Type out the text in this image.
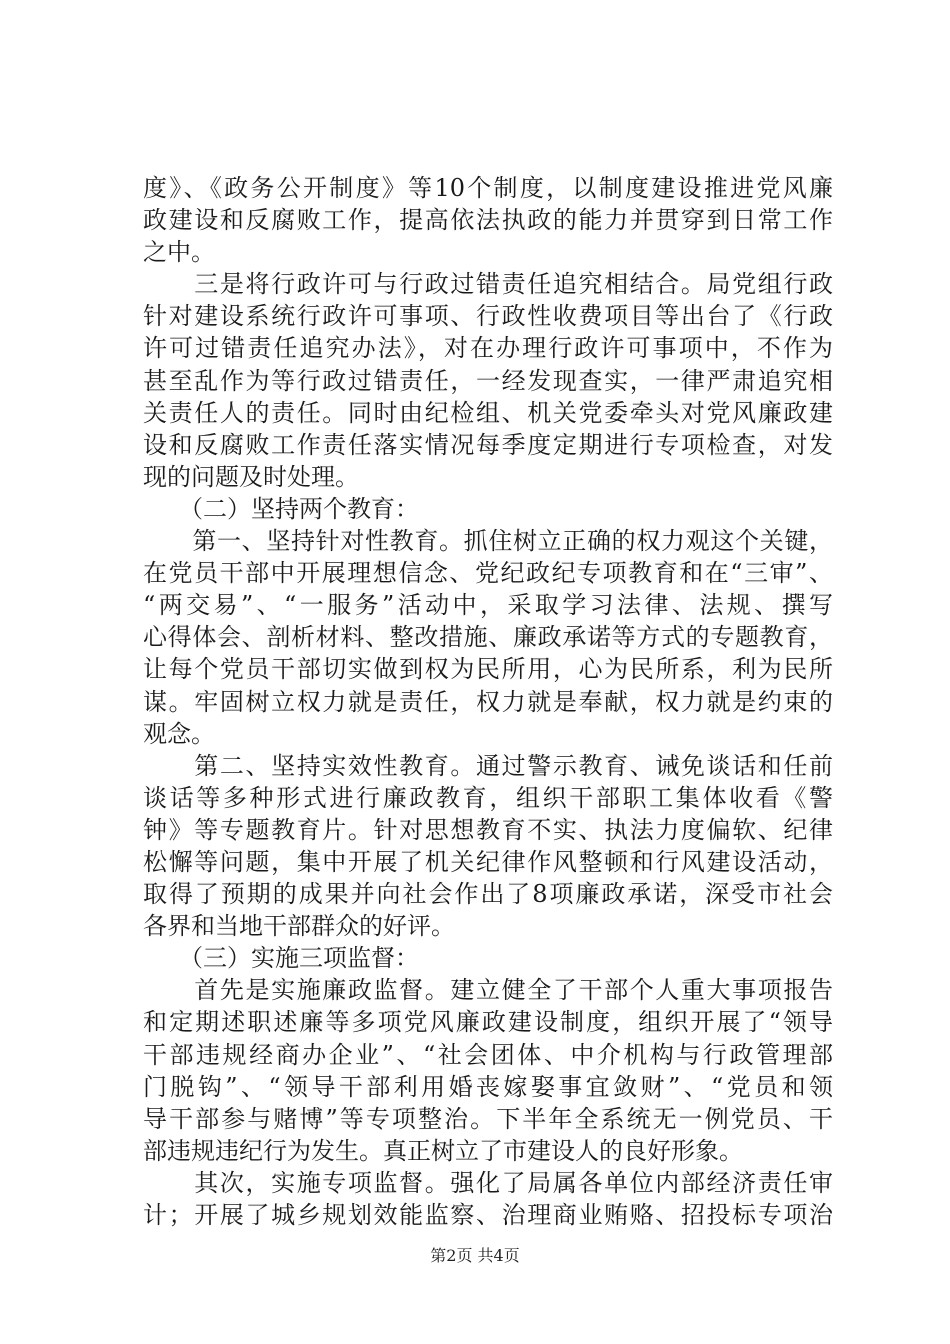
度》、《政务公开制度》等10个制度，以制度建设推进党风廉
政建设和反腐败工作，提高依法执政的能力并贯穿到日常工作
之中。
　　三是将行政许可与行政过错责任追究相结合。局党组行政
针对建设系统行政许可事项、行政性收费项目等出台了《行政
许可过错责任追究办法》，对在办理行政许可事项中，不作为
甚至乱作为等行政过错责任，一经发现查实，一律严肃追究相
关责任人的责任。同时由纪检组、机关党委牵头对党风廉政建
设和反腐败工作责任落实情况每季度定期进行专项检查，对发
现的问题及时处理。
　　（二）坚持两个教育：
　　第一、坚持针对性教育。抓住树立正确的权力观这个关键，
在党员干部中开展理想信念、党纪政纪专项教育和在“三审”、
“两交易”、“一服务”活动中，采取学习法律、法规、撰写
心得体会、剖析材料、整改措施、廉政承诺等方式的专题教育，
让每个党员干部切实做到权为民所用，心为民所系，利为民所
谋。牢固树立权力就是责任，权力就是奉献，权力就是约束的
观念。
　　第二、坚持实效性教育。通过警示教育、诫免谈话和任前
谈话等多种形式进行廉政教育，组织干部职工集体收看《警
钟》等专题教育片。针对思想教育不实、执法力度偏软、纪律
松懈等问题，集中开展了机关纪律作风整顿和行风建设活动，
取得了预期的成果并向社会作出了8项廉政承诺，深受市社会
各界和当地干部群众的好评。
　　（三）实施三项监督：
　　首先是实施廉政监督。建立健全了干部个人重大事项报告
和定期述职述廉等多项党风廉政建设制度，组织开展了“领导
干部违规经商办企业”、“社会团体、中介机构与行政管理部
门脱钩”、“领导干部利用婚丧嫁娶事宜敛财”、“党员和领
导干部参与赌博”等专项整治。下半年全系统无一例党员、干
部违规违纪行为发生。真正树立了市建设人的良好形象。
　　其次，实施专项监督。强化了局属各单位内部经济责任审
计；开展了城乡规划效能监察、治理商业贿赂、招投标专项治
第2页 共4页
